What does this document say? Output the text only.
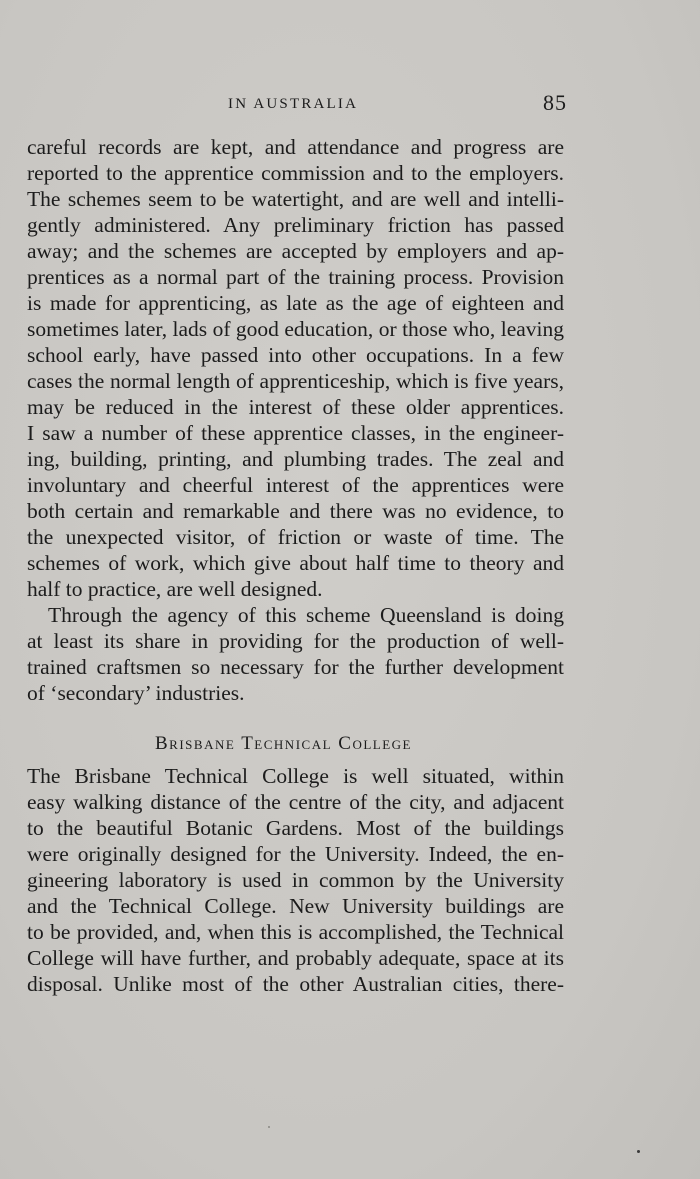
IN AUSTRALIA	85

careful records are kept, and attendance and progress are

reported to the apprentice commission and to the employers.

The schemes seem to be watertight, and are well and intelli-

gently administered. Any preliminary friction has passed

away; and the schemes are accepted by employers and ap-

prentices as a normal part of the training process. Provision

is made for apprenticing, as late as the age of eighteen and

sometimes later, lads of good education, or those who, leaving

school early, have passed into other occupations. In a few

cases the normal length of apprenticeship, which is five years,

may be reduced in the interest of these older apprentices.

I saw a number of these apprentice classes, in the engineer-

ing, building, printing, and plumbing trades. The zeal and

involuntary and cheerful interest of the apprentices were

both certain and remarkable and there was no evidence, to

the unexpected visitor, of friction or waste of time. The

schemes of work, which give about half time to theory and

half to practice, are well designed.

Through the agency of this scheme Queensland is doing

at least its share in providing for the production of well-

trained craftsmen so necessary for the further development

of ‘secondary’ industries.

Brisbane Technical College

The Brisbane Technical College is well situated, within

easy walking distance of the centre of the city, and adjacent

to the beautiful Botanic Gardens. Most of the buildings

were originally designed for the University. Indeed, the en-

gineering laboratory is used in common by the University

and the Technical College. New University buildings are

to be provided, and, when this is accomplished, the Technical

College will have further, and probably adequate, space at its

disposal. Unlike most of the other Australian cities, there-
